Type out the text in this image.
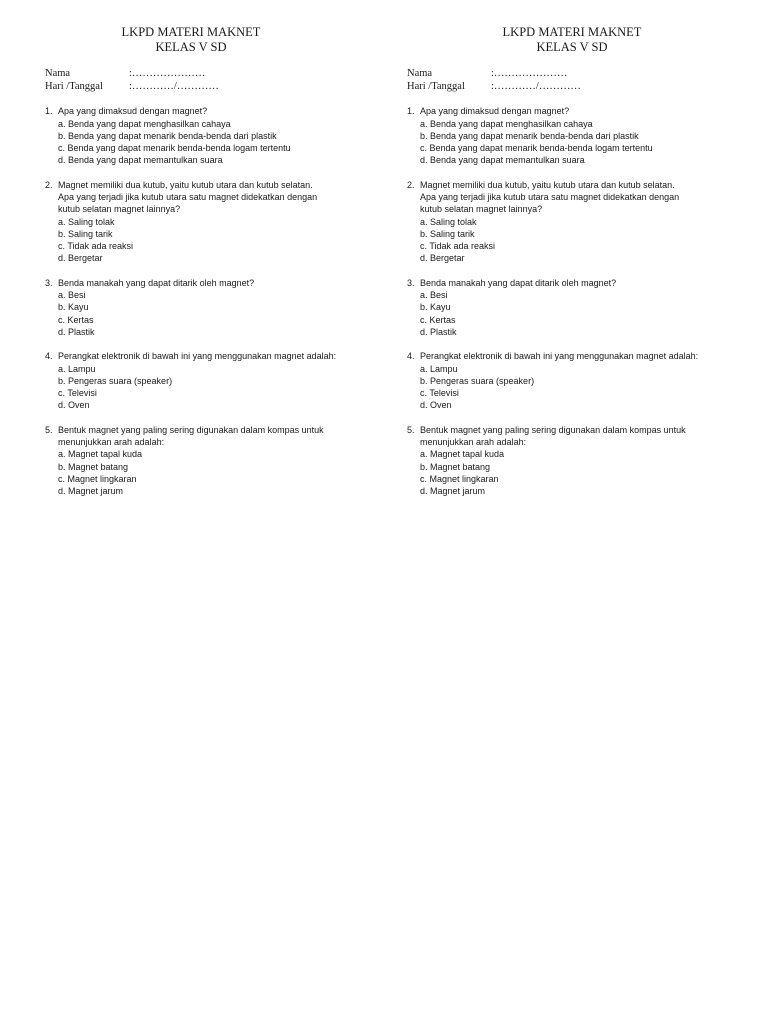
LKPD MATERI MAKNET
KELAS V SD
Nama	:…………………
Hari /Tanggal	:…………/…………
1. Apa yang dimaksud dengan magnet?
a. Benda yang dapat menghasilkan cahaya
b. Benda yang dapat menarik benda-benda dari plastik
c. Benda yang dapat menarik benda-benda logam tertentu
d. Benda yang dapat memantulkan suara
2. Magnet memiliki dua kutub, yaitu kutub utara dan kutub selatan.
Apa yang terjadi jika kutub utara satu magnet didekatkan dengan
kutub selatan magnet lainnya?
a. Saling tolak
b. Saling tarik
c. Tidak ada reaksi
d. Bergetar
3. Benda manakah yang dapat ditarik oleh magnet?
a. Besi
b. Kayu
c. Kertas
d. Plastik
4. Perangkat elektronik di bawah ini yang menggunakan magnet adalah:
a. Lampu
b. Pengeras suara (speaker)
c. Televisi
d. Oven
5. Bentuk magnet yang paling sering digunakan dalam kompas untuk
menunjukkan arah adalah:
a. Magnet tapal kuda
b. Magnet batang
c. Magnet lingkaran
d. Magnet jarum
LKPD MATERI MAKNET
KELAS V SD
Nama	:…………………
Hari /Tanggal	:…………/…………
1. Apa yang dimaksud dengan magnet?
a. Benda yang dapat menghasilkan cahaya
b. Benda yang dapat menarik benda-benda dari plastik
c. Benda yang dapat menarik benda-benda logam tertentu
d. Benda yang dapat memantulkan suara
2. Magnet memiliki dua kutub, yaitu kutub utara dan kutub selatan.
Apa yang terjadi jika kutub utara satu magnet didekatkan dengan
kutub selatan magnet lainnya?
a. Saling tolak
b. Saling tarik
c. Tidak ada reaksi
d. Bergetar
3. Benda manakah yang dapat ditarik oleh magnet?
a. Besi
b. Kayu
c. Kertas
d. Plastik
4. Perangkat elektronik di bawah ini yang menggunakan magnet adalah:
a. Lampu
b. Pengeras suara (speaker)
c. Televisi
d. Oven
5. Bentuk magnet yang paling sering digunakan dalam kompas untuk
menunjukkan arah adalah:
a. Magnet tapal kuda
b. Magnet batang
c. Magnet lingkaran
d. Magnet jarum
